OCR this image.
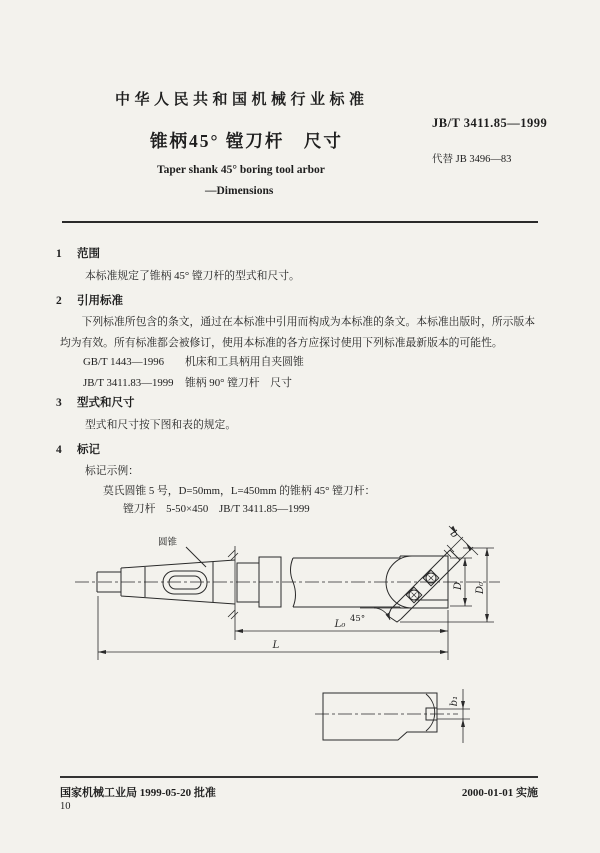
中华人民共和国机械行业标准
JB/T 3411.85—1999
锥柄45° 镗刀杆　尺寸
代替 JB 3496—83
Taper shank 45° boring tool arbor
—Dimensions
1 范围
本标准规定了锥柄 45° 镗刀杆的型式和尺寸。
2 引用标准
下列标准所包含的条文，通过在本标准中引用而构成为本标准的条文。本标准出版时，所示版本均为有效。所有标准都会被修订，使用本标准的各方应探讨使用下列标准最新版本的可能性。
GB/T 1443—1996 机床和工具柄用自夹圆锥
JB/T 3411.83—1999 锥柄 90° 镗刀杆　尺寸
3 型式和尺寸
型式和尺寸按下图和表的规定。
4 标记
标记示例：
莫氏圆锥 5 号，D=50mm，L=450mm 的锥柄 45° 镗刀杆：
镗刀杆　5-50×450　JB/T 3411.85—1999
圆锥
b
45°
D D₀
L₀
L
b₁
国家机械工业局 1999-05-20 批准	2000-01-01 实施
10
